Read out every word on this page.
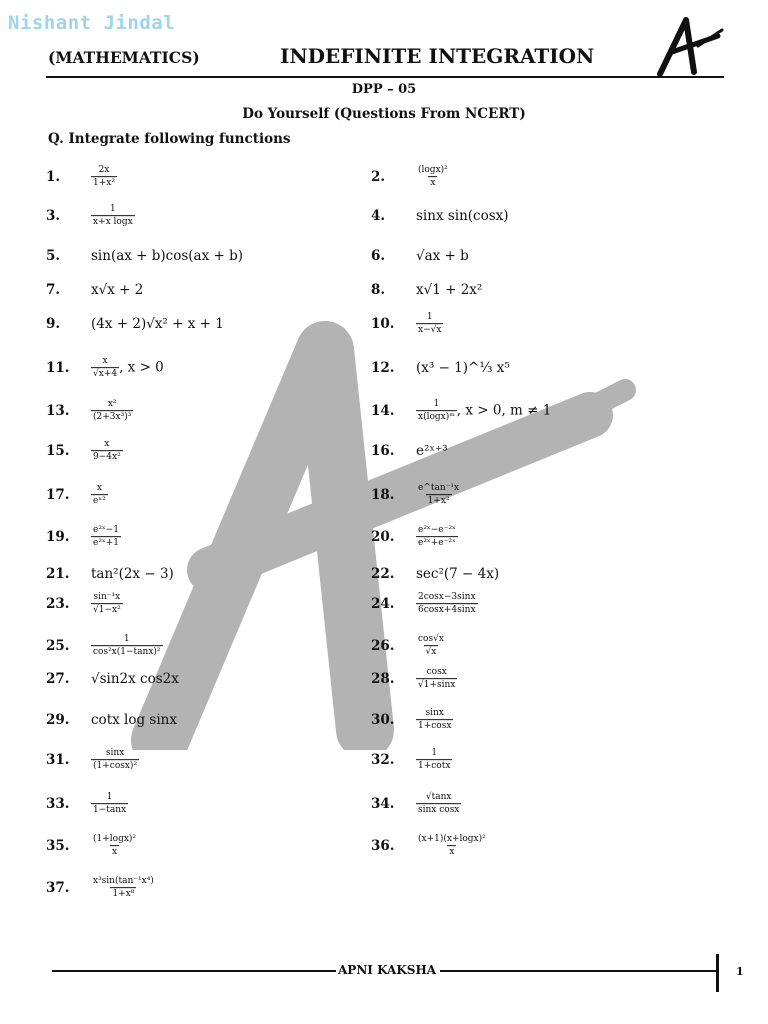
Nishant Jindal
(MATHEMATICS)	INDEFINITE INTEGRATION
DPP – 05
Do Yourself (Questions From NCERT)
Q. Integrate following functions
1.	$\frac{2x}{\text{1+x²}}$	2.	$\frac{\text{(logx)²}}{x}$
3.	$\frac{1}{\text{x+x logx}}$	4.	sinx sin(cosx)
5.	sin(ax + b)cos(ax + b)	6.	√ax + b
7.	x√x + 2	8.	x√1 + 2x²
9.	(4x + 2)√x² + x + 1	10.	$\frac{1}{x-√x}$
11.	$\frac{x}{√x+4}$ , x > 0	12.	(x³ − 1)^⅓ x⁵
13.	$\frac{\text{x²}}{\text{(2+3x³)³}}$	14.	$\frac{1}{\text{x(logx)ᵐ}}$ , x > 0, m ≠ 1
15.	$\frac{x}{\text{9−4x²}}$	16.	e²ˣ⁺³
17.	$\frac{x}{\text{eˣ²}}$	18.	$\frac{\text{e\textasciicircum{}tan⁻¹x}}{\text{1+x²}}$
19.	$\frac{\text{e²ˣ−1}}{\text{e²ˣ+1}}$	20.	$\frac{\text{e²ˣ−e⁻²ˣ}}{\text{e²ˣ+e⁻²ˣ}}$
21.	tan²(2x − 3)	22.	sec²(7 − 4x)
23.	$\frac{\text{sin⁻¹x}}{\text{√1−x²}}$	24.	$\frac{2\cos x-3\sin x}{6\cos x+4\sin x}$
25.	$\frac{1}{\text{cos²x(1−tanx)²}}$	26.	$\frac{\cos√x}{√x}$
27.	√sin2x cos2x	28.	$\frac{\cos x}{√1+\sin x}$
29.	cotx log sinx	30.	$\frac{\sin x}{1+\cos x}$
31.	$\frac{\sin x}{\text{(1+cosx)²}}$	32.	$\frac{1}{1+\cot x}$
33.	$\frac{1}{1-\tan x}$	34.	$\frac{√\tan x}{\text{sinx cosx}}$
35.	$\frac{\text{(1+logx)²}}{x}$	36.	$\frac{\text{(x+1)(x+logx)²}}{x}$
37.	$\frac{\text{x³sin(tan⁻¹x⁴)}}{\text{1+x⁸}}$
APNI KAKSHA	1
